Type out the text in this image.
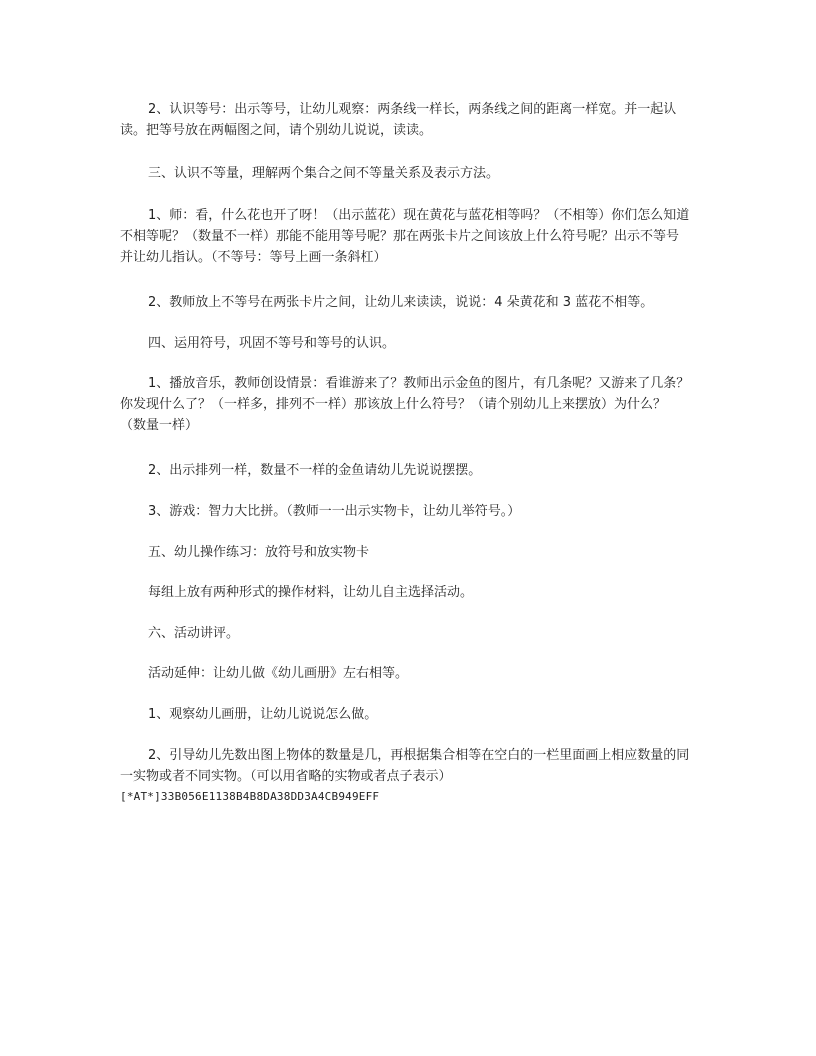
2、认识等号：出示等号，让幼儿观察：两条线一样长，两条线之间的距离一样宽。并一起认读。把等号放在两幅图之间，请个别幼儿说说，读读。

三、认识不等量，理解两个集合之间不等量关系及表示方法。

1、师：看，什么花也开了呀！（出示蓝花）现在黄花与蓝花相等吗？（不相等）你们怎么知道不相等呢？（数量不一样）那能不能用等号呢？那在两张卡片之间该放上什么符号呢？出示不等号并让幼儿指认。（不等号：等号上画一条斜杠）

2、教师放上不等号在两张卡片之间，让幼儿来读读，说说：4 朵黄花和 3 蓝花不相等。

四、运用符号，巩固不等号和等号的认识。

1、播放音乐，教师创设情景：看谁游来了？教师出示金鱼的图片，有几条呢？又游来了几条？你发现什么了？（一样多，排列不一样）那该放上什么符号？（请个别幼儿上来摆放）为什么？（数量一样）

2、出示排列一样，数量不一样的金鱼请幼儿先说说摆摆。

3、游戏：智力大比拼。（教师一一出示实物卡，让幼儿举符号。）

五、幼儿操作练习：放符号和放实物卡

每组上放有两种形式的操作材料，让幼儿自主选择活动。

六、活动讲评。

活动延伸：让幼儿做《幼儿画册》左右相等。

1、观察幼儿画册，让幼儿说说怎么做。

2、引导幼儿先数出图上物体的数量是几，再根据集合相等在空白的一栏里面画上相应数量的同一实物或者不同实物。（可以用省略的实物或者点子表示）

[*AT*]33B056E1138B4B8DA38DD3A4CB949EFF
